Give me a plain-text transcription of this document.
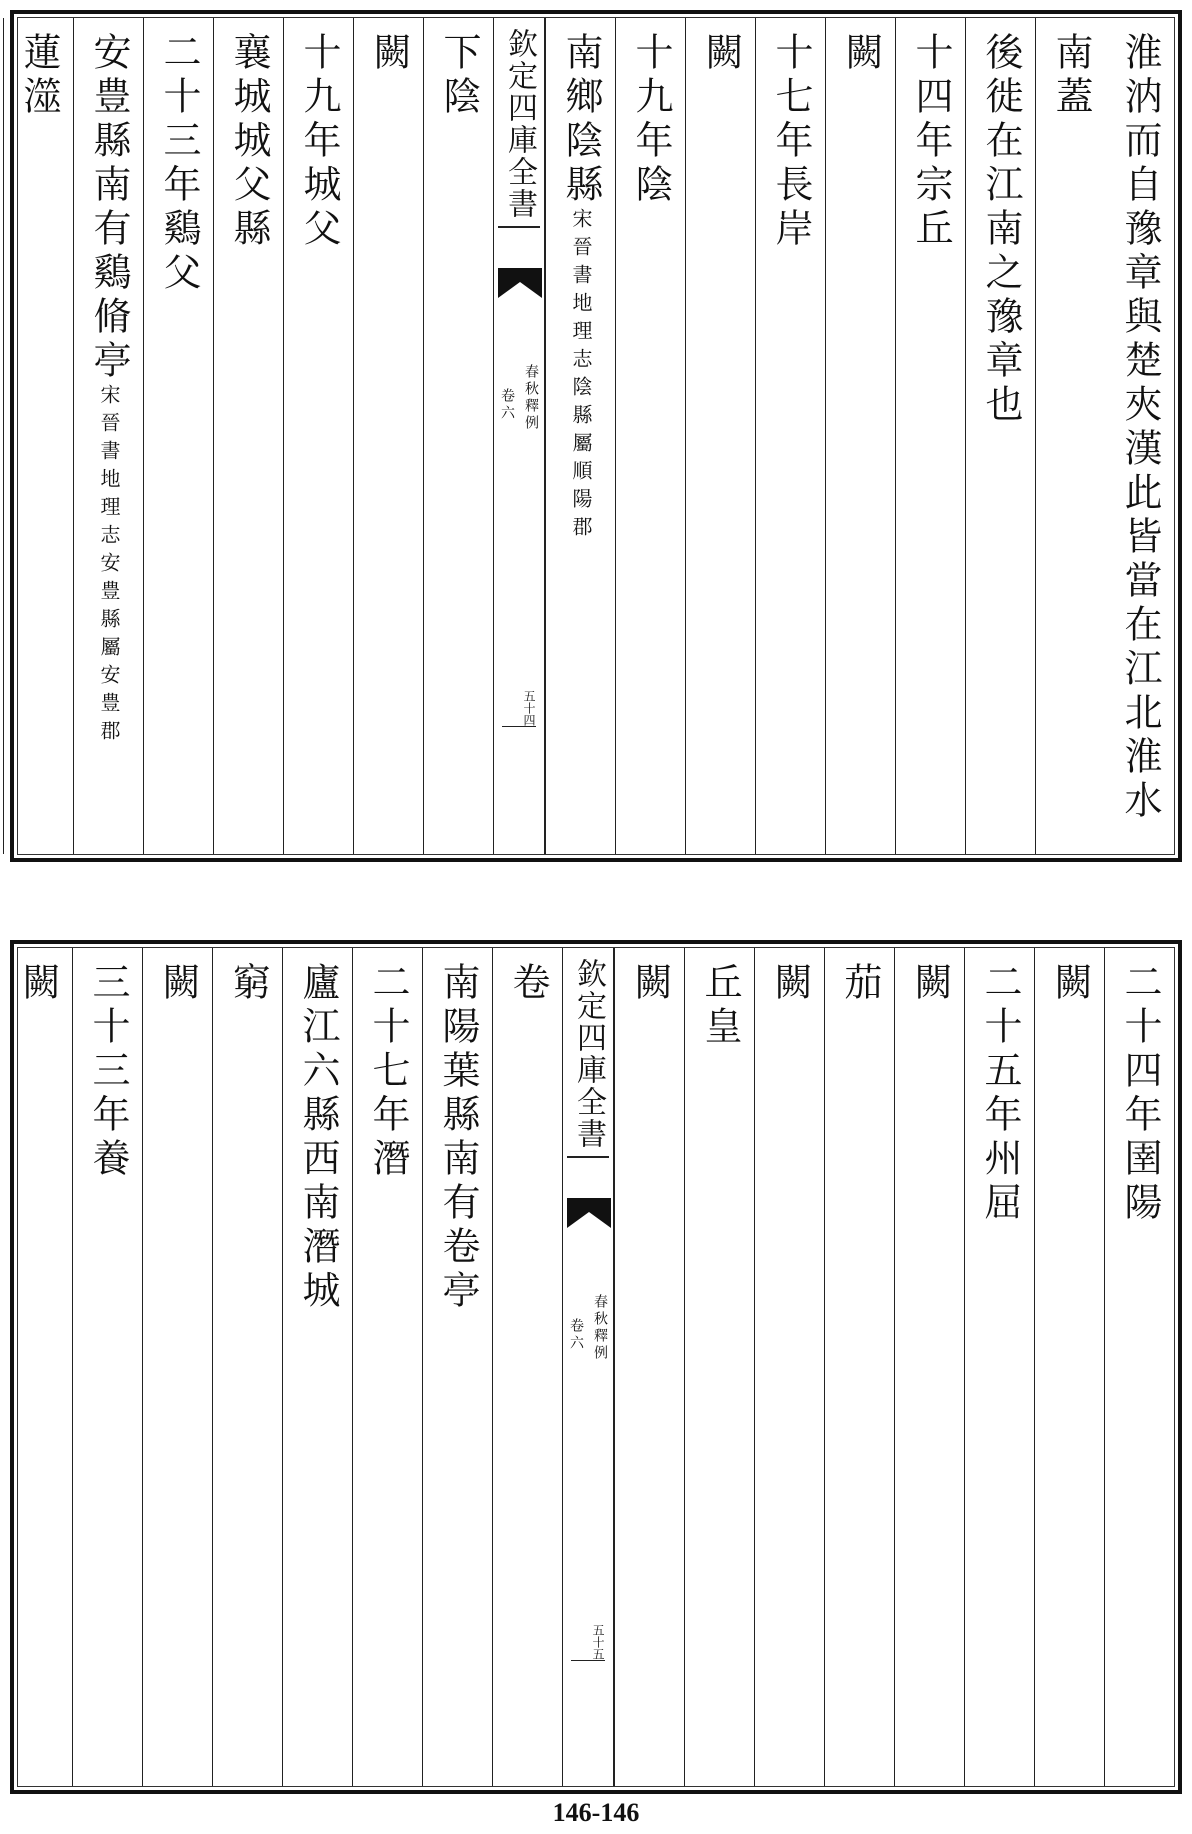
淮汭而自豫章與楚夾漢此皆當在江北淮水南蓋
後徙在江南之豫章也
十四年宗丘
闕
十七年長岸
闕
十九年陰
南鄉陰縣宋晉書地理志陰縣屬順陽郡
欽定四庫全書
春秋釋例
卷六
五十四
下陰
闕
十九年城父
襄城城父縣
二十三年鷄父
安豊縣南有鷄脩亭宋晉書地理志安豊縣屬安豊郡
蓮澨
二十四年圉陽
闕
二十五年州屈
闕
茄
闕
丘皇
闕
欽定四庫全書
春秋釋例
卷六
五十五
卷
南陽葉縣南有卷亭
二十七年潛
廬江六縣西南潛城
窮
闕
三十三年養
闕
146-146
